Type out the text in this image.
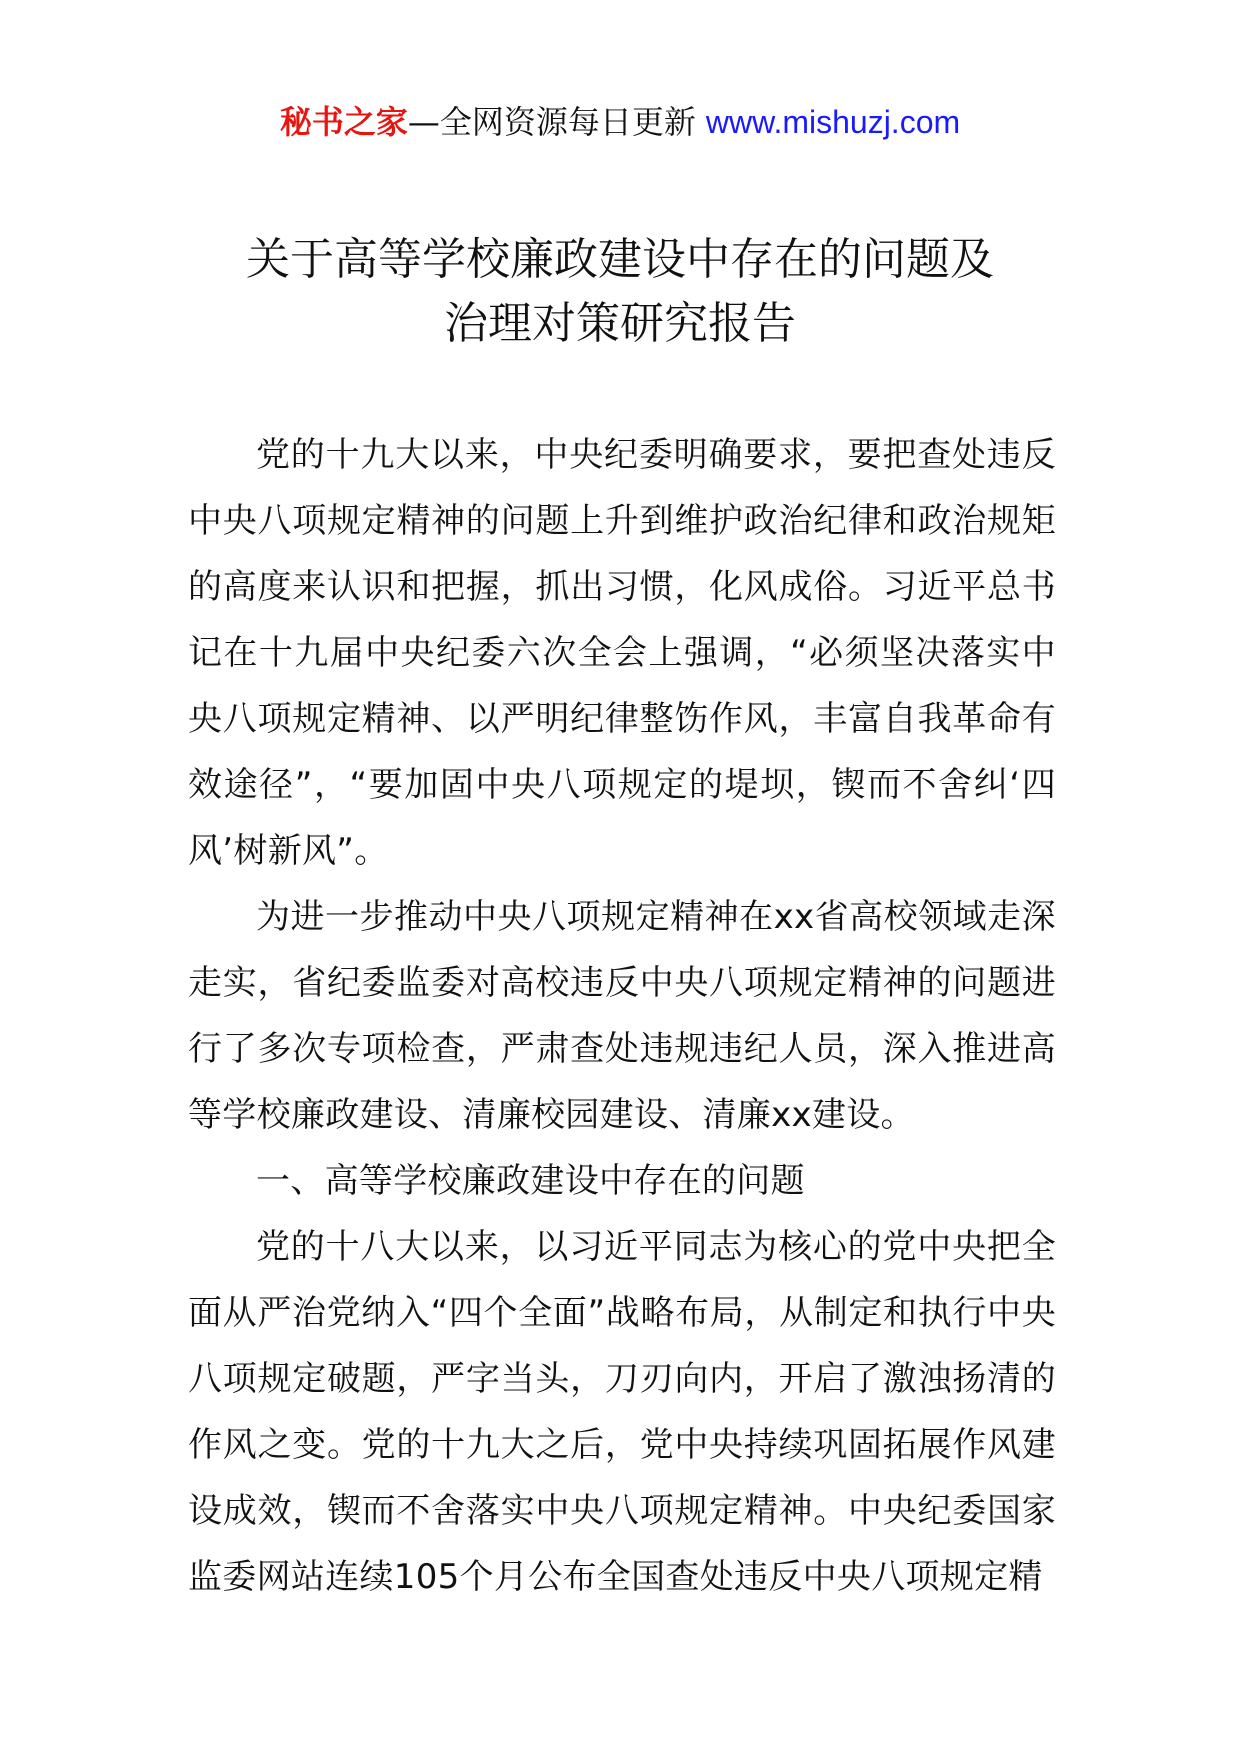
秘书之家—全网资源每日更新 www.mishuzj.com
关于高等学校廉政建设中存在的问题及
治理对策研究报告

党的十九大以来，中央纪委明确要求，要把查处违反中央八项规定精神的问题上升到维护政治纪律和政治规矩的高度来认识和把握，抓出习惯，化风成俗。习近平总书记在十九届中央纪委六次全会上强调，“必须坚决落实中央八项规定精神、以严明纪律整饬作风，丰富自我革命有效途径”，“要加固中央八项规定的堤坝，锲而不舍纠‘四风’树新风”。

为进一步推动中央八项规定精神在xx省高校领域走深走实，省纪委监委对高校违反中央八项规定精神的问题进行了多次专项检查，严肃查处违规违纪人员，深入推进高等学校廉政建设、清廉校园建设、清廉xx建设。

一、高等学校廉政建设中存在的问题

党的十八大以来，以习近平同志为核心的党中央把全面从严治党纳入“四个全面”战略布局，从制定和执行中央八项规定破题，严字当头，刀刃向内，开启了激浊扬清的作风之变。党的十九大之后，党中央持续巩固拓展作风建设成效，锲而不舍落实中央八项规定精神。中央纪委国家监委网站连续105个月公布全国查处违反中央八项规定精
